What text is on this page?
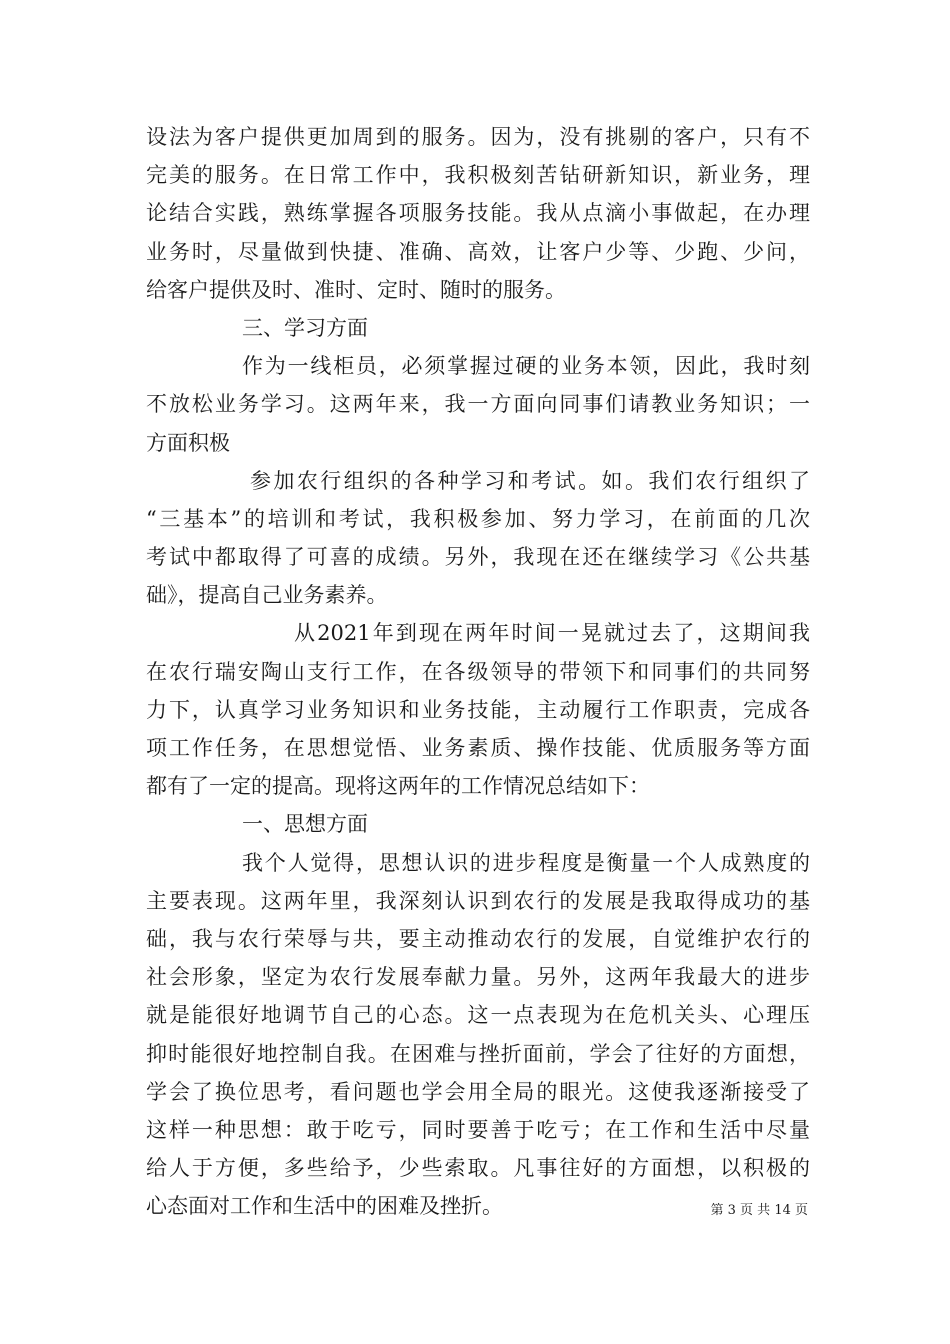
设法为客户提供更加周到的服务。因为，没有挑剔的客户，只有不
完美的服务。在日常工作中，我积极刻苦钻研新知识，新业务，理
论结合实践，熟练掌握各项服务技能。我从点滴小事做起，在办理
业务时，尽量做到快捷、准确、高效，让客户少等、少跑、少问，
给客户提供及时、准时、定时、随时的服务。
三、学习方面
作为一线柜员，必须掌握过硬的业务本领，因此，我时刻
不放松业务学习。这两年来，我一方面向同事们请教业务知识；一
方面积极
参加农行组织的各种学习和考试。如。我们农行组织了
“三基本”的培训和考试，我积极参加、努力学习，在前面的几次
考试中都取得了可喜的成绩。另外，我现在还在继续学习《公共基
础》，提高自己业务素养。
从2021年到现在两年时间一晃就过去了，这期间我
在农行瑞安陶山支行工作，在各级领导的带领下和同事们的共同努
力下，认真学习业务知识和业务技能，主动履行工作职责，完成各
项工作任务，在思想觉悟、业务素质、操作技能、优质服务等方面
都有了一定的提高。现将这两年的工作情况总结如下：
一、思想方面
我个人觉得，思想认识的进步程度是衡量一个人成熟度的
主要表现。这两年里，我深刻认识到农行的发展是我取得成功的基
础，我与农行荣辱与共，要主动推动农行的发展，自觉维护农行的
社会形象，坚定为农行发展奉献力量。另外，这两年我最大的进步
就是能很好地调节自己的心态。这一点表现为在危机关头、心理压
抑时能很好地控制自我。在困难与挫折面前，学会了往好的方面想，
学会了换位思考，看问题也学会用全局的眼光。这使我逐渐接受了
这样一种思想：敢于吃亏，同时要善于吃亏；在工作和生活中尽量
给人于方便，多些给予，少些索取。凡事往好的方面想，以积极的
心态面对工作和生活中的困难及挫折。	第 3 页 共 14 页
